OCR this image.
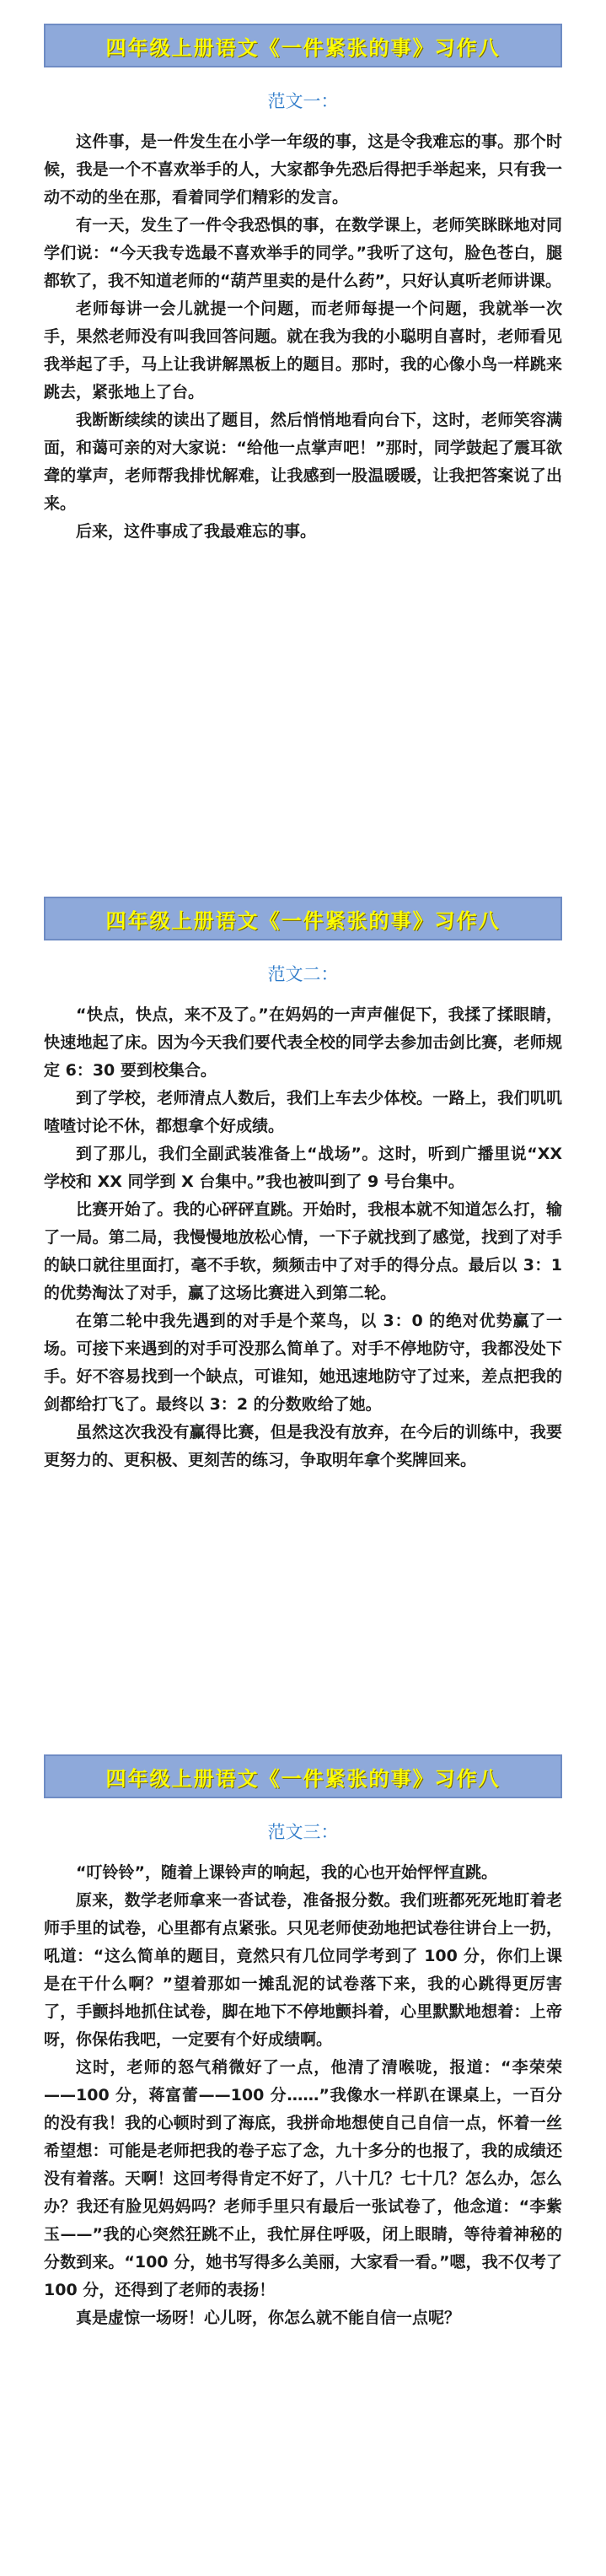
四年级上册语文《一件紧张的事》习作八
范文一：

这件事，是一件发生在小学一年级的事，这是令我难忘的事。那个时候，我是一个不喜欢举手的人，大家都争先恐后得把手举起来，只有我一动不动的坐在那，看着同学们精彩的发言。

有一天，发生了一件令我恐惧的事，在数学课上，老师笑眯眯地对同学们说：“今天我专选最不喜欢举手的同学。”我听了这句，脸色苍白，腿都软了，我不知道老师的“葫芦里卖的是什么药”，只好认真听老师讲课。

老师每讲一会儿就提一个问题，而老师每提一个问题，我就举一次手，果然老师没有叫我回答问题。就在我为我的小聪明自喜时，老师看见我举起了手，马上让我讲解黑板上的题目。那时，我的心像小鸟一样跳来跳去，紧张地上了台。

我断断续续的读出了题目，然后悄悄地看向台下，这时，老师笑容满面，和蔼可亲的对大家说：“给他一点掌声吧！”那时，同学鼓起了震耳欲聋的掌声，老师帮我排忧解难，让我感到一股温暖暖，让我把答案说了出来。

后来，这件事成了我最难忘的事。

四年级上册语文《一件紧张的事》习作八
范文二：

“快点，快点，来不及了。”在妈妈的一声声催促下，我揉了揉眼睛，快速地起了床。因为今天我们要代表全校的同学去参加击剑比赛，老师规定 6：30 要到校集合。

到了学校，老师清点人数后，我们上车去少体校。一路上，我们叽叽喳喳讨论不休，都想拿个好成绩。

到了那儿，我们全副武装准备上“战场”。这时，听到广播里说“XX 学校和 XX 同学到 X 台集中。”我也被叫到了 9 号台集中。

比赛开始了。我的心砰砰直跳。开始时，我根本就不知道怎么打，输了一局。第二局，我慢慢地放松心情，一下子就找到了感觉，找到了对手的缺口就往里面打，毫不手软，频频击中了对手的得分点。最后以 3：1 的优势淘汰了对手，赢了这场比赛进入到第二轮。

在第二轮中我先遇到的对手是个菜鸟，以 3：0 的绝对优势赢了一场。可接下来遇到的对手可没那么简单了。对手不停地防守，我都没处下手。好不容易找到一个缺点，可谁知，她迅速地防守了过来，差点把我的剑都给打飞了。最终以 3：2 的分数败给了她。

虽然这次我没有赢得比赛，但是我没有放弃，在今后的训练中，我要更努力的、更积极、更刻苦的练习，争取明年拿个奖牌回来。

四年级上册语文《一件紧张的事》习作八
范文三：

“叮铃铃”，随着上课铃声的响起，我的心也开始怦怦直跳。

原来，数学老师拿来一沓试卷，准备报分数。我们班都死死地盯着老师手里的试卷，心里都有点紧张。只见老师使劲地把试卷往讲台上一扔，吼道：“这么简单的题目，竟然只有几位同学考到了 100 分，你们上课是在干什么啊？”望着那如一摊乱泥的试卷落下来，我的心跳得更厉害了，手颤抖地抓住试卷，脚在地下不停地颤抖着，心里默默地想着：上帝呀，你保佑我吧，一定要有个好成绩啊。

这时，老师的怒气稍微好了一点，他清了清喉咙，报道：“李荣荣——100 分，蒋富蕾——100 分……”我像水一样趴在课桌上，一百分的没有我！我的心顿时到了海底，我拼命地想使自己自信一点，怀着一丝希望想：可能是老师把我的卷子忘了念，九十多分的也报了，我的成绩还没有着落。天啊！这回考得肯定不好了，八十几？七十几？怎么办，怎么办？我还有脸见妈妈吗？老师手里只有最后一张试卷了，他念道：“李紫玉——”我的心突然狂跳不止，我忙屏住呼吸，闭上眼睛，等待着神秘的分数到来。“100 分，她书写得多么美丽，大家看一看。”嗯，我不仅考了 100 分，还得到了老师的表扬！

真是虚惊一场呀！心儿呀，你怎么就不能自信一点呢？
